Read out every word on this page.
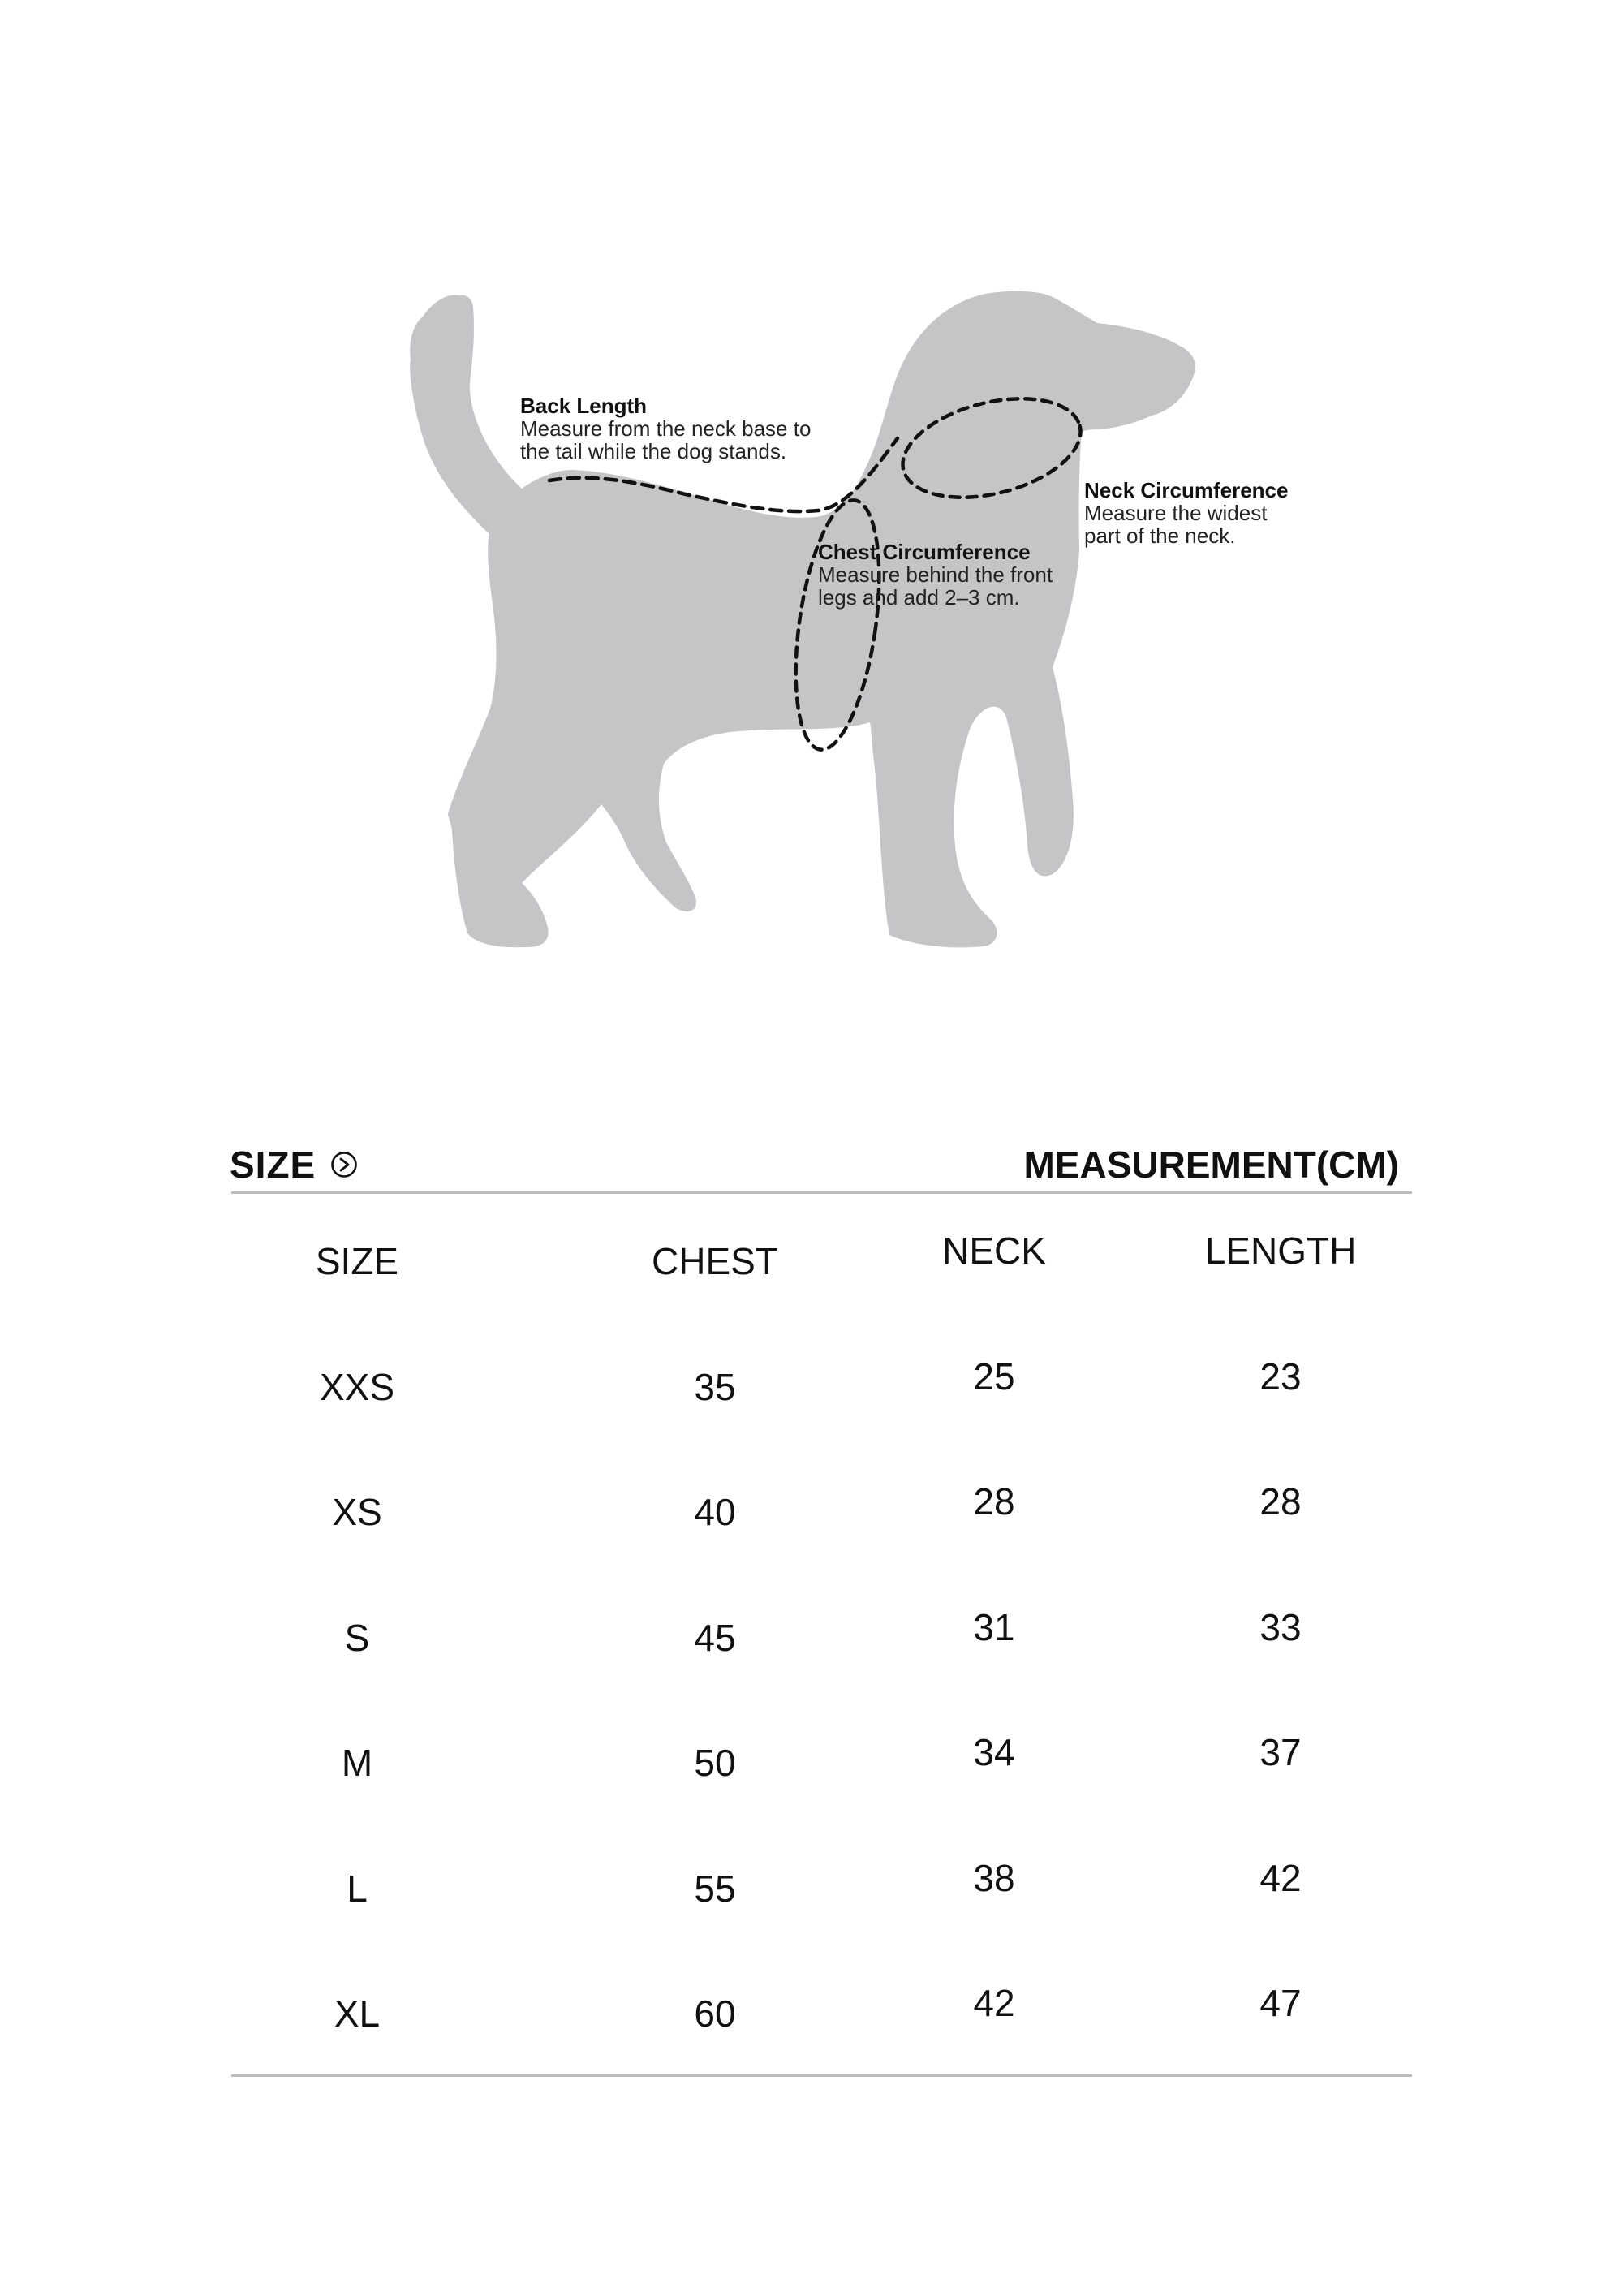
Back Length
Measure from the neck base to
the tail while the dog stands.
Neck Circumference
Measure the widest
part of the neck.
Chest Circumference
Measure behind the front
legs and add 2–3 cm.
SIZE	MEASUREMENT(CM)
SIZE	CHEST	NECK	LENGTH
XXS	35	25	23
XS	40	28	28
S	45	31	33
M	50	34	37
L	55	38	42
XL	60	42	47
